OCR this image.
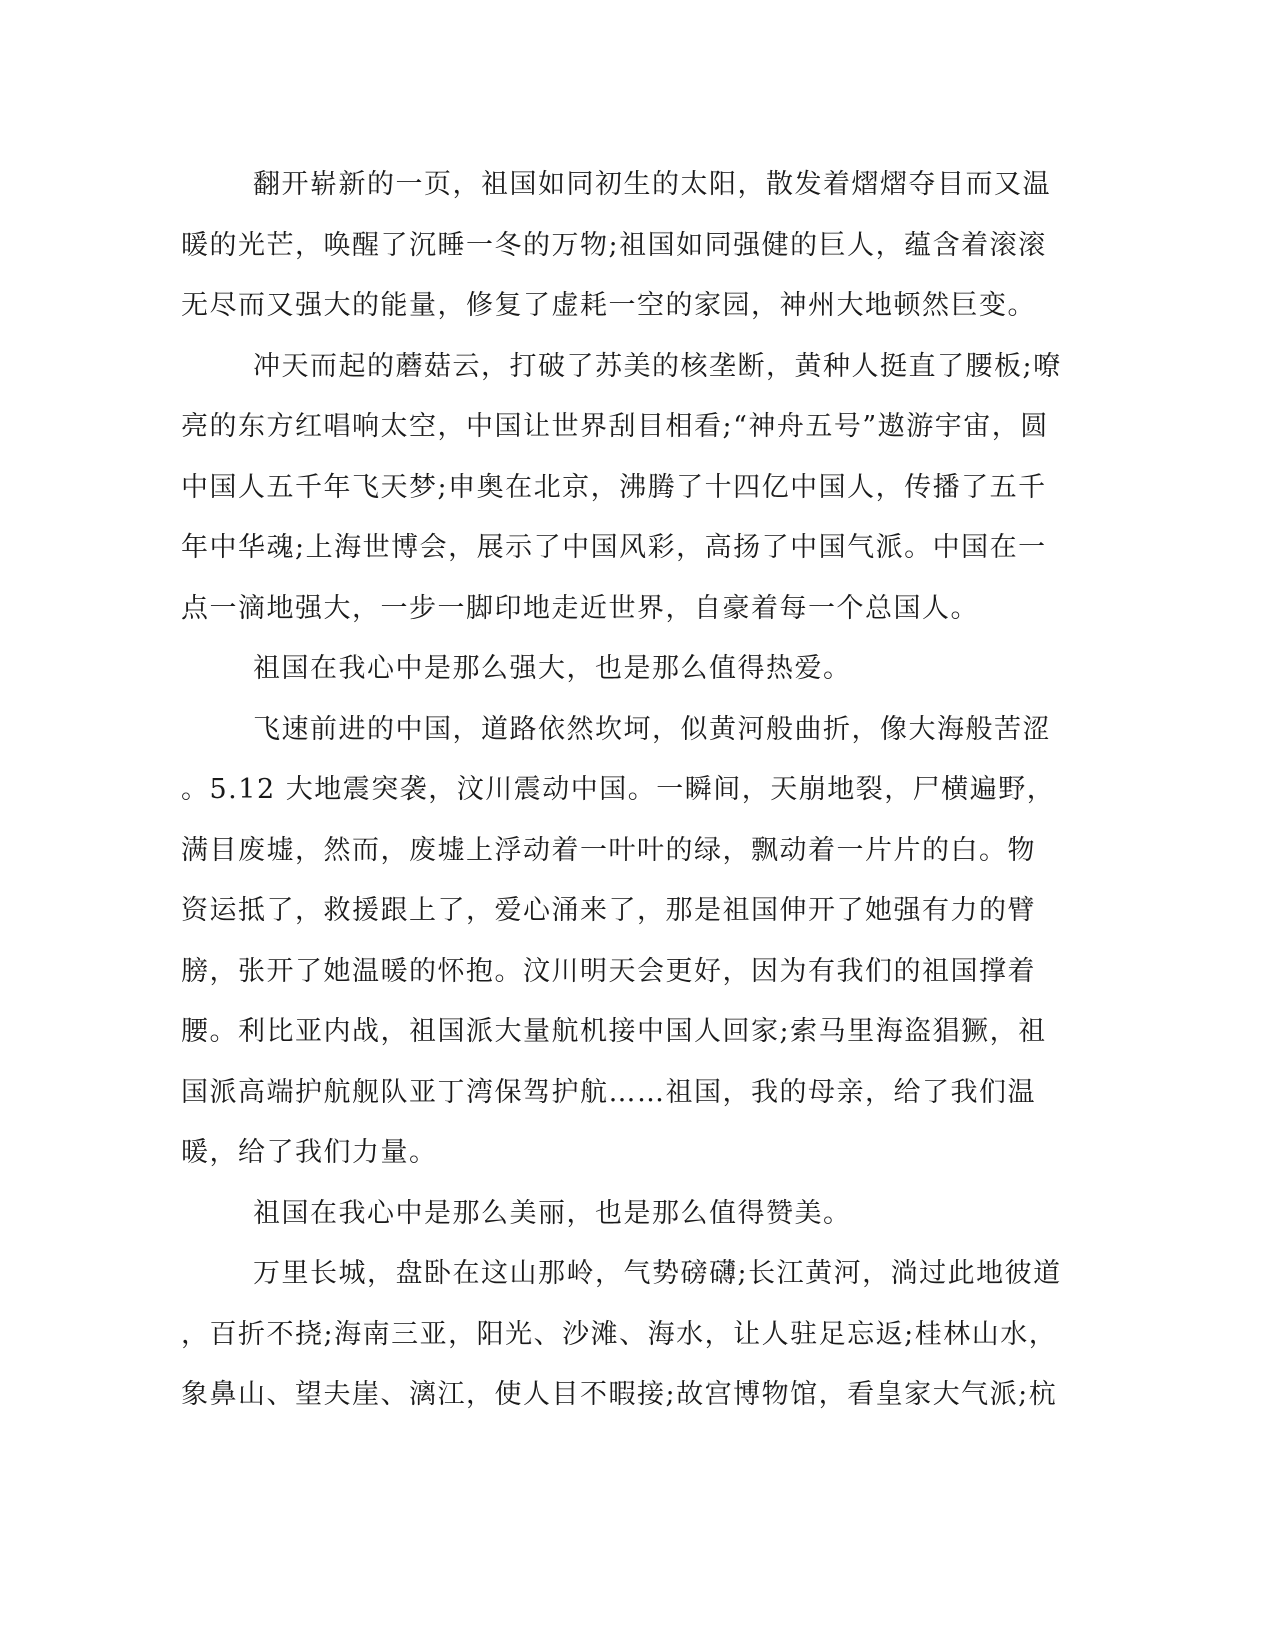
翻开崭新的一页，祖国如同初生的太阳，散发着熠熠夺目而又温
暖的光芒，唤醒了沉睡一冬的万物;祖国如同强健的巨人，蕴含着滚滚
无尽而又强大的能量，修复了虚耗一空的家园，神州大地顿然巨变。
冲天而起的蘑菇云，打破了苏美的核垄断，黄种人挺直了腰板;嘹
亮的东方红唱响太空，中国让世界刮目相看;“神舟五号”遨游宇宙，圆
中国人五千年飞天梦;申奥在北京，沸腾了十四亿中国人，传播了五千
年中华魂;上海世博会，展示了中国风彩，高扬了中国气派。中国在一
点一滴地强大，一步一脚印地走近世界，自豪着每一个总国人。
祖国在我心中是那么强大，也是那么值得热爱。
飞速前进的中国，道路依然坎坷，似黄河般曲折，像大海般苦涩
。5.12 大地震突袭，汶川震动中国。一瞬间，天崩地裂，尸横遍野，
满目废墟，然而，废墟上浮动着一叶叶的绿，飘动着一片片的白。物
资运抵了，救援跟上了，爱心涌来了，那是祖国伸开了她强有力的臂
膀，张开了她温暖的怀抱。汶川明天会更好，因为有我们的祖国撑着
腰。利比亚内战，祖国派大量航机接中国人回家;索马里海盗猖獗，祖
国派高端护航舰队亚丁湾保驾护航……祖国，我的母亲，给了我们温
暖，给了我们力量。
祖国在我心中是那么美丽，也是那么值得赞美。
万里长城，盘卧在这山那岭，气势磅礴;长江黄河，淌过此地彼道
，百折不挠;海南三亚，阳光、沙滩、海水，让人驻足忘返;桂林山水，
象鼻山、望夫崖、漓江，使人目不暇接;故宫博物馆，看皇家大气派;杭
